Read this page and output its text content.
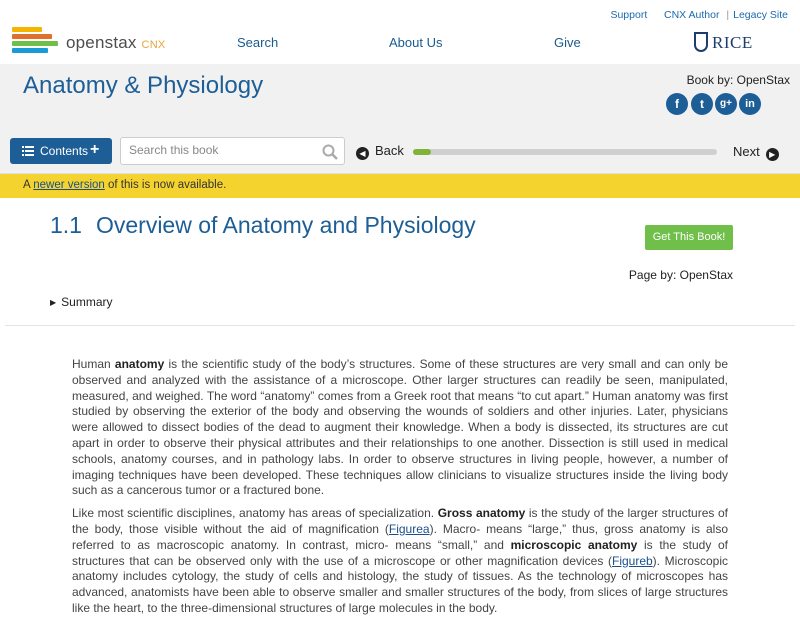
openstax CNX
Support CNX Author | Legacy Site
Search	About Us	Give	RICE
Anatomy & Physiology	Book by: OpenStax
f	t	g+	in
Contents +
Search this book	◀ Back	Next ▶
A newer version of this is now available.
1.1 Overview of Anatomy and Physiology	Get This Book!
Page by: OpenStax
▶ Summary

Human anatomy is the scientific study of the body’s structures. Some of these structures are very small and can only be observed and analyzed with the assistance of a microscope. Other larger structures can readily be seen, manipulated, measured, and weighed. The word “anatomy” comes from a Greek root that means “to cut apart.” Human anatomy was first studied by observing the exterior of the body and observing the wounds of soldiers and other injuries. Later, physicians were allowed to dissect bodies of the dead to augment their knowledge. When a body is dissected, its structures are cut apart in order to observe their physical attributes and their relationships to one another. Dissection is still used in medical schools, anatomy courses, and in pathology labs. In order to observe structures in living people, however, a number of imaging techniques have been developed. These techniques allow clinicians to visualize structures inside the living body such as a cancerous tumor or a fractured bone.

Like most scientific disciplines, anatomy has areas of specialization. Gross anatomy is the study of the larger structures of the body, those visible without the aid of magnification (Figurea). Macro- means “large,” thus, gross anatomy is also referred to as macroscopic anatomy. In contrast, micro- means “small,” and microscopic anatomy is the study of structures that can be observed only with the use of a microscope or other magnification devices (Figureb). Microscopic anatomy includes cytology, the study of cells and histology, the study of tissues. As the technology of microscopes has advanced, anatomists have been able to observe smaller and smaller structures of the body, from slices of large structures like the heart, to the three-dimensional structures of large molecules in the body.
